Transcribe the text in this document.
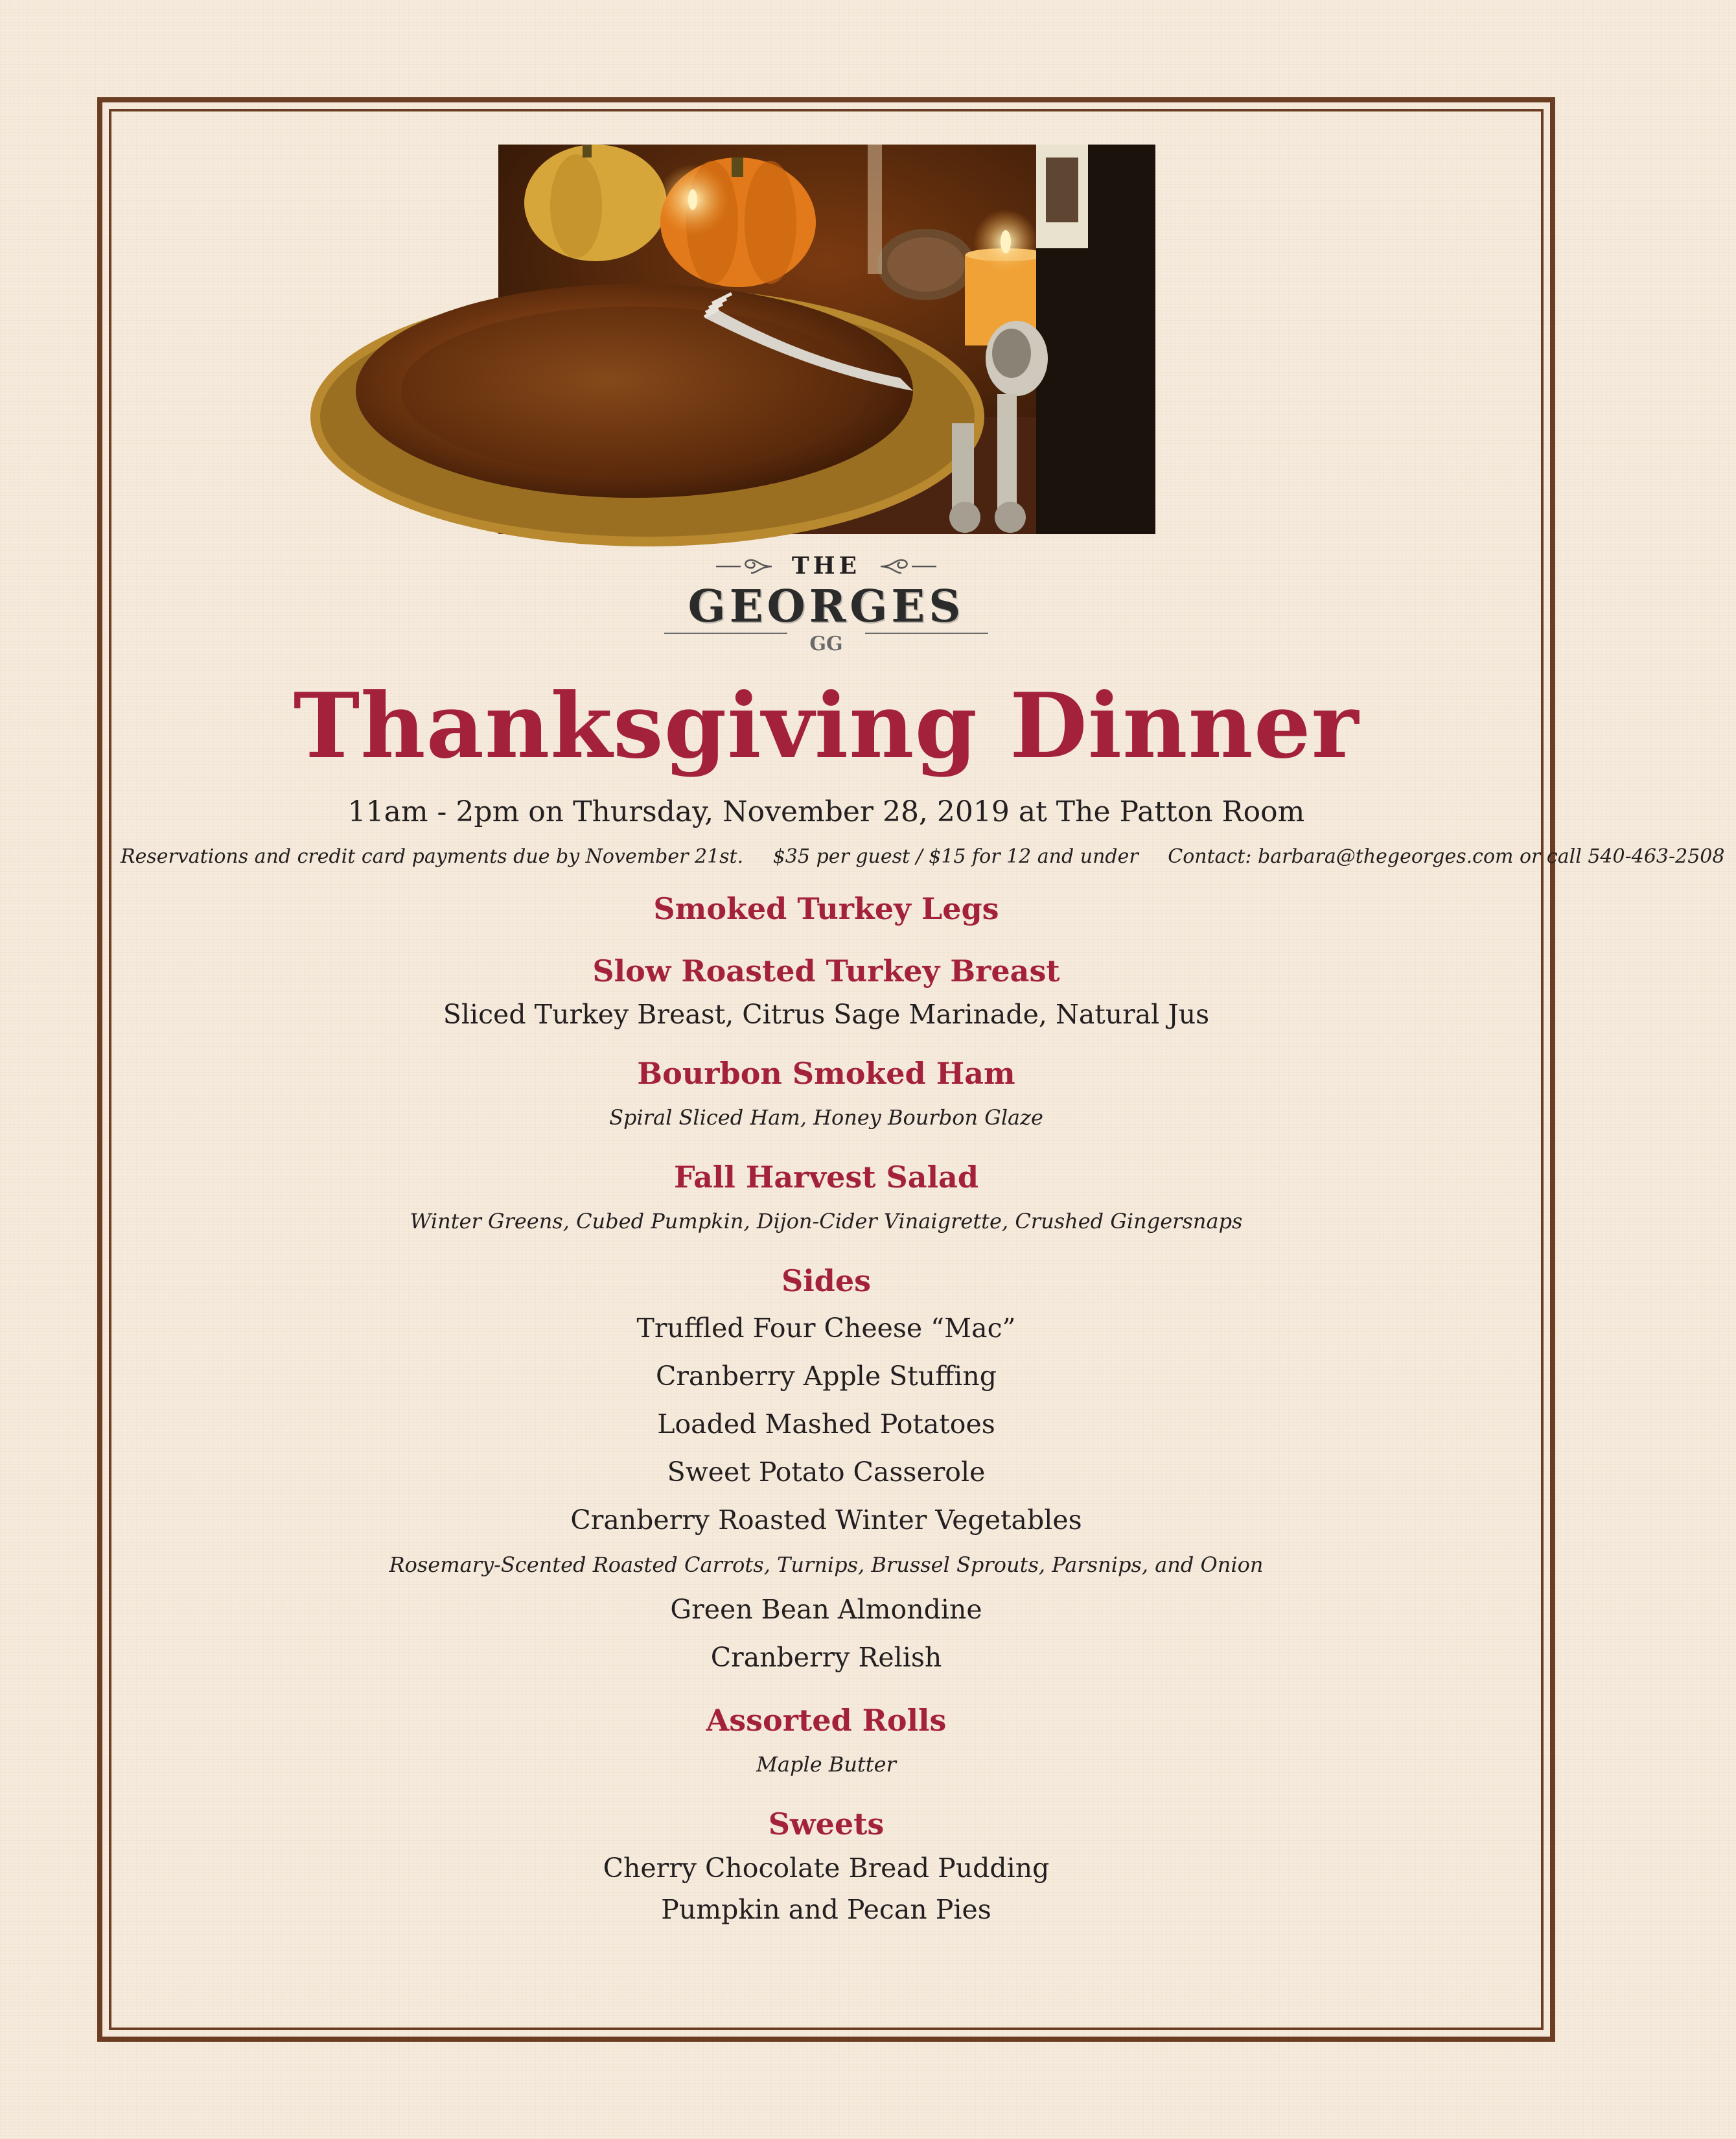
THE
GEORGES
GG
Thanksgiving Dinner
11am - 2pm on Thursday, November 28, 2019 at The Patton Room
Reservations and credit card payments due by November 21st. $35 per guest / $15 for 12 and under Contact: barbara@thegeorges.com or call 540-463-2508
Smoked Turkey Legs
Slow Roasted Turkey Breast
Sliced Turkey Breast, Citrus Sage Marinade, Natural Jus
Bourbon Smoked Ham
Spiral Sliced Ham, Honey Bourbon Glaze
Fall Harvest Salad
Winter Greens, Cubed Pumpkin, Dijon-Cider Vinaigrette, Crushed Gingersnaps
Sides
Truffled Four Cheese “Mac”
Cranberry Apple Stuffing
Loaded Mashed Potatoes
Sweet Potato Casserole
Cranberry Roasted Winter Vegetables
Rosemary-Scented Roasted Carrots, Turnips, Brussel Sprouts, Parsnips, and Onion
Green Bean Almondine
Cranberry Relish
Assorted Rolls
Maple Butter
Sweets
Cherry Chocolate Bread Pudding
Pumpkin and Pecan Pies
